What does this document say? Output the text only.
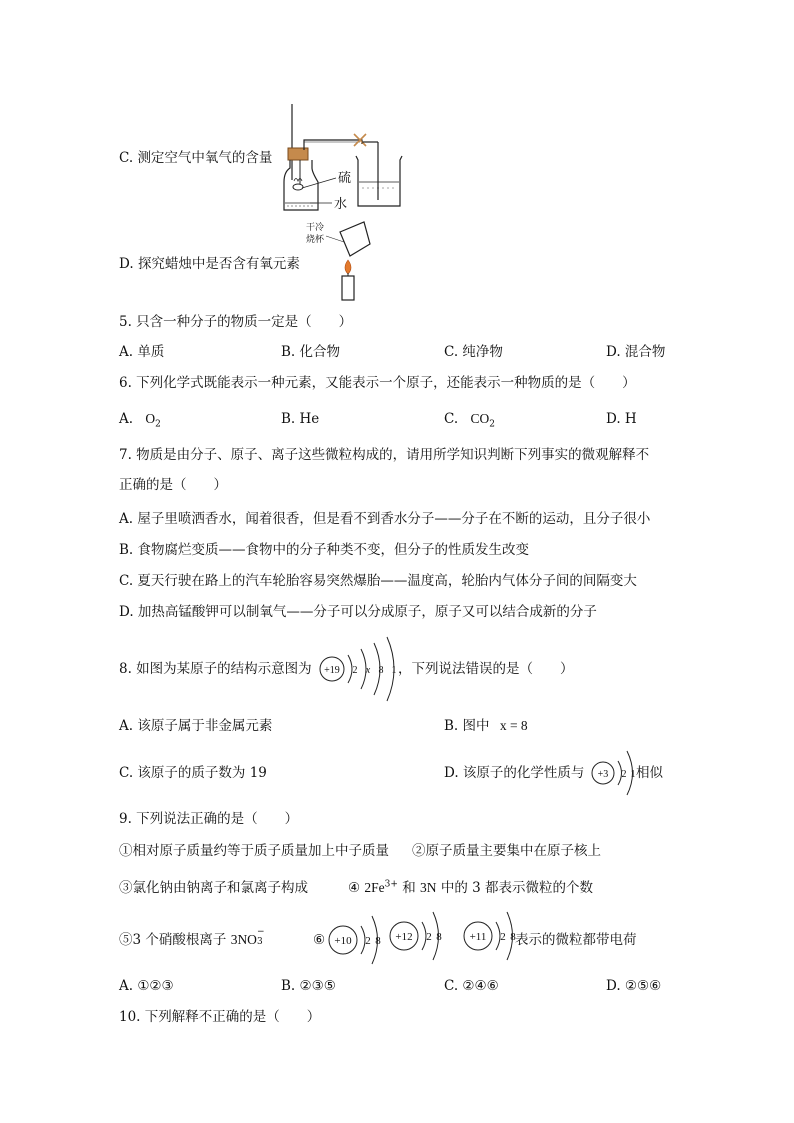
C. 测定空气中氧气的含量
硫
水
D. 探究蜡烛中是否含有氧元素
干冷
烧杯
5. 只含一种分子的物质一定是（　　）
A. 单质	B. 化合物	C. 纯净物	D. 混合物
6. 下列化学式既能表示一种元素，又能表示一个原子，还能表示一种物质的是（　　）
A. $O_2$	B. He	C. $CO_2$	D. H
7. 物质是由分子、原子、离子这些微粒构成的，请用所学知识判断下列事实的微观解释不
正确的是（　　）
A. 屋子里喷洒香水，闻着很香，但是看不到香水分子——分子在不断的运动，且分子很小
B. 食物腐烂变质——食物中的分子种类不变，但分子的性质发生改变
C. 夏天行驶在路上的汽车轮胎容易突然爆胎——温度高，轮胎内气体分子间的间隔变大
D. 加热高锰酸钾可以制氧气——分子可以分成原子，原子又可以结合成新的分子
8. 如图为某原子的结构示意图为 +19 2 x 8 1 ，下列说法错误的是（　　）
A. 该原子属于非金属元素	B. 图中 x = 8
C. 该原子的质子数为 19	D. 该原子的化学性质与 +3 2 1 相似
9. 下列说法正确的是（　　）
①相对原子质量约等于质子质量加上中子质量 ②原子质量主要集中在原子核上
③氯化钠由钠离子和氯离子构成	④ $2Fe^{3+}$ 和 3N 中的 3 都表示微粒的个数
⑤3 个硝酸根离子 3NO −
3	⑥ +10 2 8 +12 2 8	+11 2 8 表示的微粒都带电荷
A. ①②③	B. ②③⑤	C. ②④⑥	D. ②⑤⑥
10. 下列解释不正确的是（　　）
